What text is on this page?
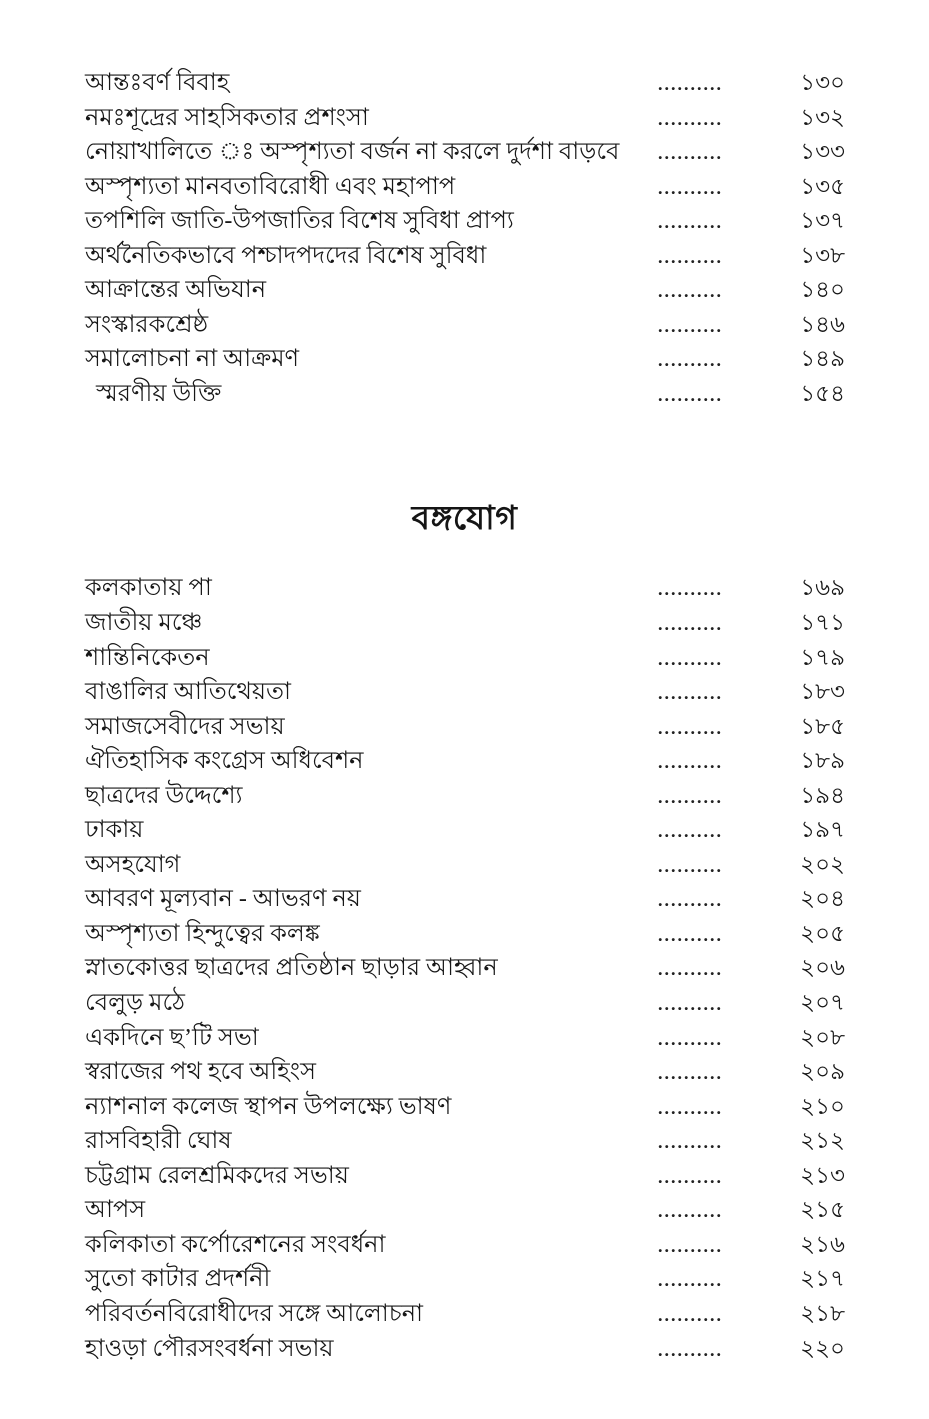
আন্তঃবর্ণ বিবাহ	..........	১৩০
নমঃশূদ্রের সাহসিকতার প্রশংসা	..........	১৩২
নোয়াখালিতে ঃ অস্পৃশ্যতা বর্জন না করলে দুর্দশা বাড়বে ..........	১৩৩
অস্পৃশ্যতা মানবতাবিরোধী এবং মহাপাপ	..........	১৩৫
তপশিলি জাতি-উপজাতির বিশেষ সুবিধা প্রাপ্য	..........	১৩৭
অর্থনৈতিকভাবে পশ্চাদপদদের বিশেষ সুবিধা	..........	১৩৮
আক্রান্তের অভিযান	..........	১৪০
সংস্কারকশ্রেষ্ঠ	..........	১৪৬
সমালোচনা না আক্রমণ	..........	১৪৯
স্মরণীয় উক্তি	..........	১৫৪
বঙ্গযোগ
কলকাতায় পা	..........	১৬৯
জাতীয় মঞ্চে	..........	১৭১
শান্তিনিকেতন	..........	১৭৯
বাঙালির আতিথেয়তা	..........	১৮৩
সমাজসেবীদের সভায়	..........	১৮৫
ঐতিহাসিক কংগ্রেস অধিবেশন	..........	১৮৯
ছাত্রদের উদ্দেশ্যে	..........	১৯৪
ঢাকায়	..........	১৯৭
অসহযোগ	..........	২০২
আবরণ মূল্যবান - আভরণ নয়	..........	২০৪
অস্পৃশ্যতা হিন্দুত্বের কলঙ্ক	..........	২০৫
স্নাতকোত্তর ছাত্রদের প্রতিষ্ঠান ছাড়ার আহ্বান	..........	২০৬
বেলুড় মঠে	..........	২০৭
একদিনে ছ’টি সভা	..........	২০৮
স্বরাজের পথ হবে অহিংস	..........	২০৯
ন্যাশনাল কলেজ স্থাপন উপলক্ষ্যে ভাষণ	..........	২১০
রাসবিহারী ঘোষ	..........	২১২
চট্টগ্রাম রেলশ্রমিকদের সভায়	..........	২১৩
আপস	..........	২১৫
কলিকাতা কর্পোরেশনের সংবর্ধনা	..........	২১৬
সুতো কাটার প্রদর্শনী	..........	২১৭
পরিবর্তনবিরোধীদের সঙ্গে আলোচনা	..........	২১৮
হাওড়া পৌরসংবর্ধনা সভায়	..........	২২০
